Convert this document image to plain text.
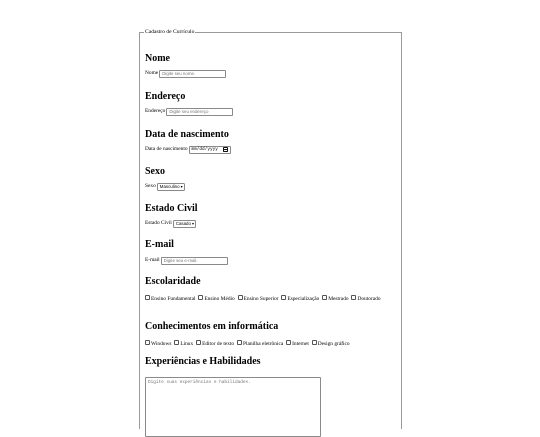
Cadastro de Currículo
Nome
Nome
Digite seu nome.
Endereço
Endereço
Digite seu endereço
Data de nascimento
Data de nascimento mm/dd/yyyy
Sexo
Sexo Masculino ▾
Estado Civil
Estado Civil Casado ▾
E-mail
E-mail
Digite seu e-mail.
Escolaridade
Ensino Fundamental Ensino Médio Ensino Superior Especialização Mestrado Doutorado
Conhecimentos em informática
Windows Linux Editor de texto Planilha eletrônica Internet Design gráfico
Experiências e Habilidades
Digite suas experiências e habilidades.
